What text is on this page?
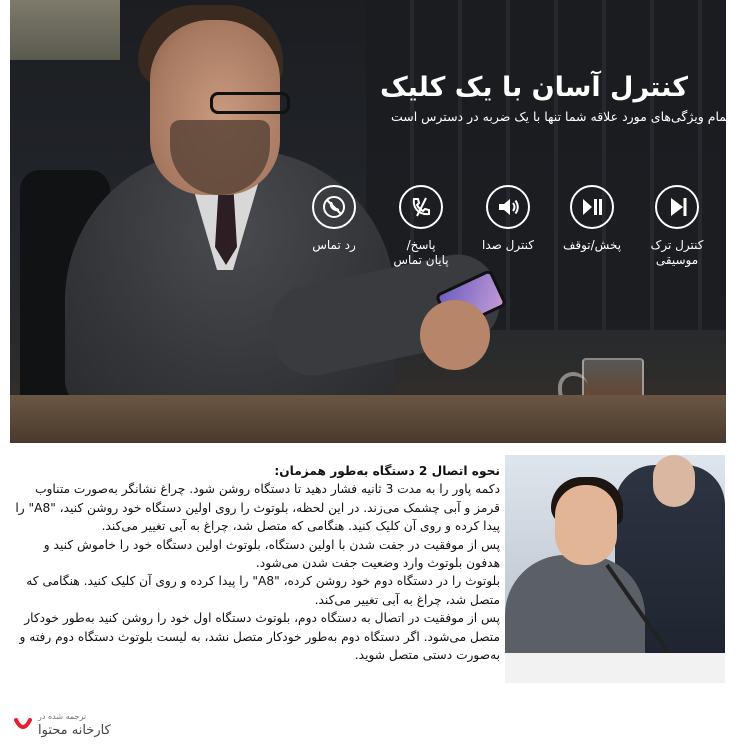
کنترل آسان با یک کلیک
تمام ویژگی‌های مورد علاقه شما تنها با یک ضربه در دسترس است
کنترل ترک
موسیقی
پخش/توقف
کنترل صدا
پاسخ/
پایان تماس
رد تماس

نحوه اتصال 2 دستگاه به‌طور همزمان:

دکمه پاور را به مدت 3 ثانیه فشار دهید تا دستگاه روشن شود. چراغ نشانگر به‌صورت متناوب قرمز و آبی چشمک می‌زند. در این لحظه، بلوتوث را روی اولین دستگاه خود روشن کنید، "A8" را پیدا کرده و روی آن کلیک کنید. هنگامی که متصل شد، چراغ به آبی تغییر می‌کند.

پس از موفقیت در جفت شدن با اولین دستگاه، بلوتوث اولین دستگاه خود را خاموش کنید و هدفون بلوتوث وارد وضعیت جفت شدن می‌شود.

بلوتوث را در دستگاه دوم خود روشن کرده، "A8" را پیدا کرده و روی آن کلیک کنید. هنگامی که متصل شد، چراغ به آبی تغییر می‌کند.

پس از موفقیت در اتصال به دستگاه دوم، بلوتوث دستگاه اول خود را روشن کنید به‌طور خودکار متصل می‌شود. اگر دستگاه دوم به‌طور خودکار متصل نشد، به لیست بلوتوث دستگاه دوم رفته و به‌صورت دستی متصل شوید.

ترجمه شده در
کارخانه محتوا
